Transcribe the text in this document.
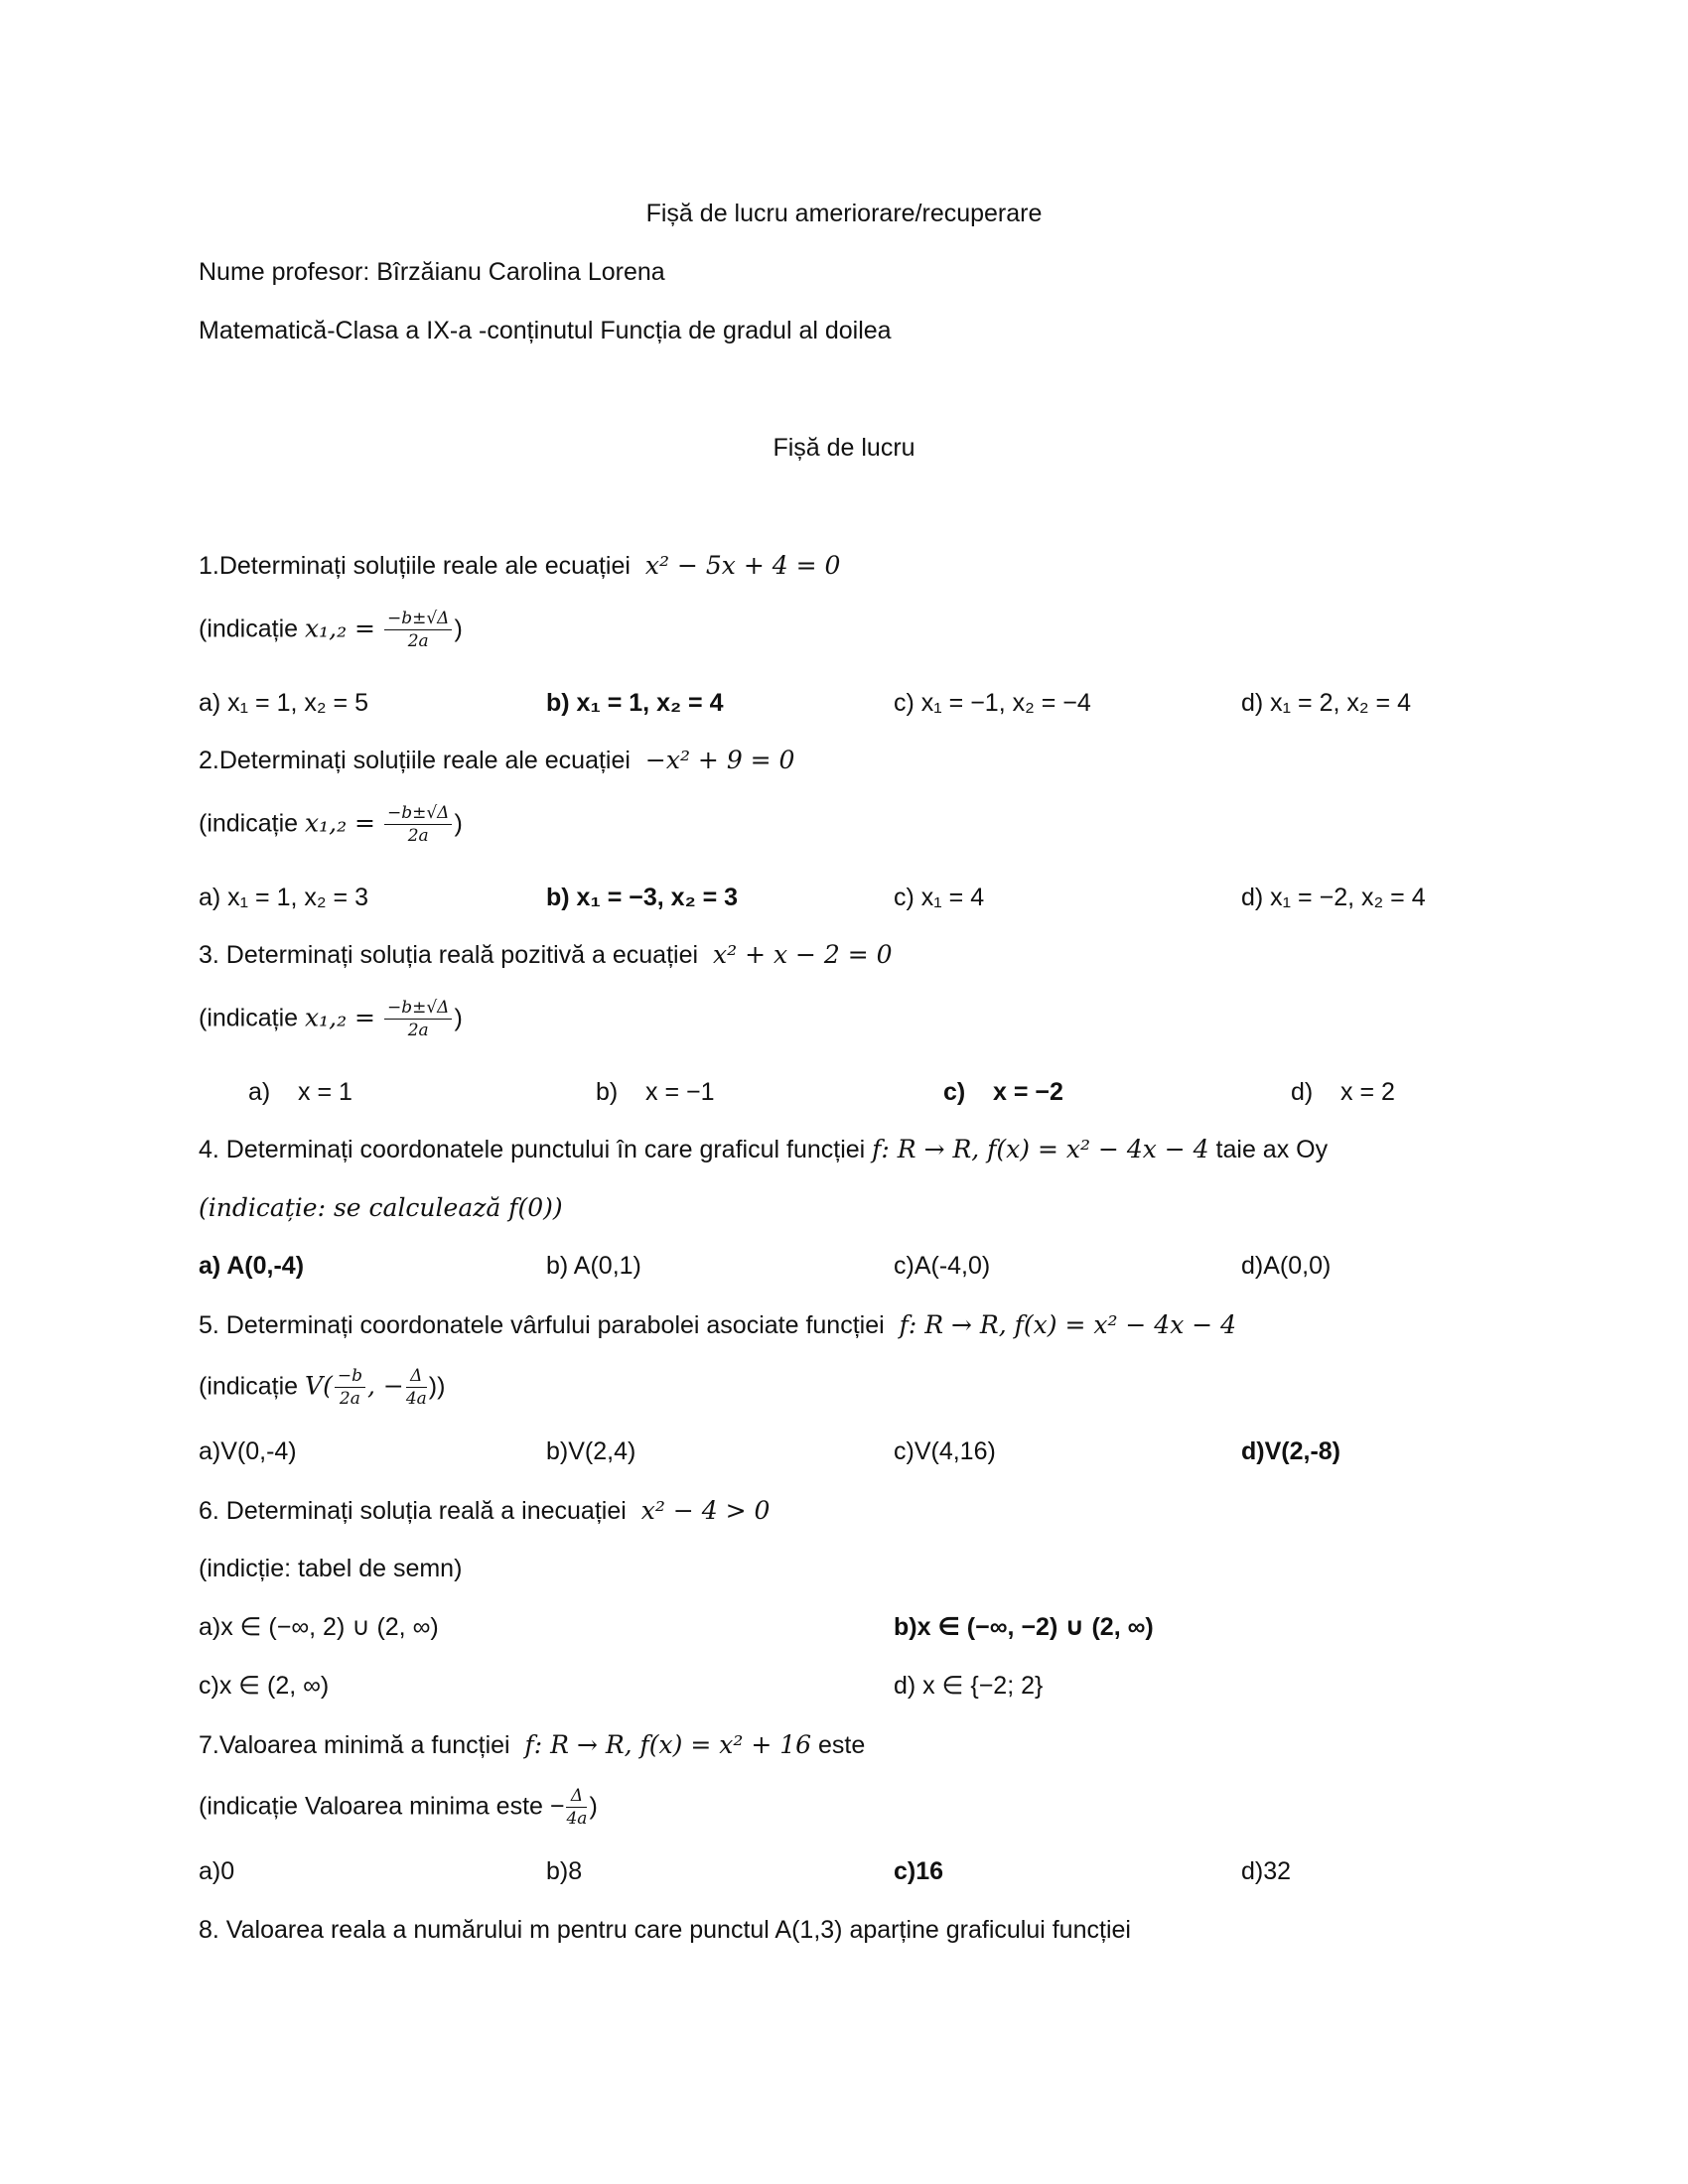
Fișă de lucru ameriorare/recuperare
Nume profesor: Bîrzăianu Carolina Lorena
Matematică-Clasa a IX-a -conținutul Funcția de gradul al doilea
Fișă de lucru
1.Determinați soluțiile reale ale ecuației x² − 5x + 4 = 0
(indicație $x_1,_2 = \frac{-b\pm√\Delta}{2a}$ )
a) x₁ = 1, x₂ = 5	b) x₁ = 1, x₂ = 4	c) x₁ = −1, x₂ = −4	d) x₁ = 2, x₂ = 4
2.Determinați soluțiile reale ale ecuației −x² + 9 = 0
(indicație $x_1,_2 = \frac{-b\pm√\Delta}{2a}$ )
a) x₁ = 1, x₂ = 3	b) x₁ = −3, x₂ = 3	c) x₁ = 4	d) x₁ = −2, x₂ = 4
3. Determinați soluția reală pozitivă a ecuației x² + x − 2 = 0
(indicație $x_1,_2 = \frac{-b\pm√\Delta}{2a}$ )
a)    x = 1	b)    x = −1	c)    x = −2	d)    x = 2
4. Determinați coordonatele punctului în care graficul funcției f: R → R, f(x) = x² − 4x − 4 taie ax Oy
(indicație: se calculează f(0))
a) A(0,-4)	b) A(0,1)	c)A(-4,0)	d)A(0,0)
5. Determinați coordonatele vârfului parabolei asociate funcției f: R → R, f(x) = x² − 4x − 4
(indicație $V( \frac{-b}{2a}$ , − $\frac{\Delta}{4a}$ ))
a)V(0,-4)	b)V(2,4)	c)V(4,16)	d)V(2,-8)
6. Determinați soluția reală a inecuației x² − 4 > 0
(indicție: tabel de semn)
a)x ∈ (−∞, 2) ∪ (2, ∞)	b)x ∈ (−∞, −2) ∪ (2, ∞)
c)x ∈ (2, ∞)	d) x ∈ {−2; 2}
7.Valoarea minimă a funcției f: R → R, f(x) = x² + 16 este
(indicație Valoarea minima este − $\frac{\Delta}{4a}$ )
a)0	b)8	c)16	d)32
8. Valoarea reala a numărului m pentru care punctul A(1,3) aparține graficului funcției
